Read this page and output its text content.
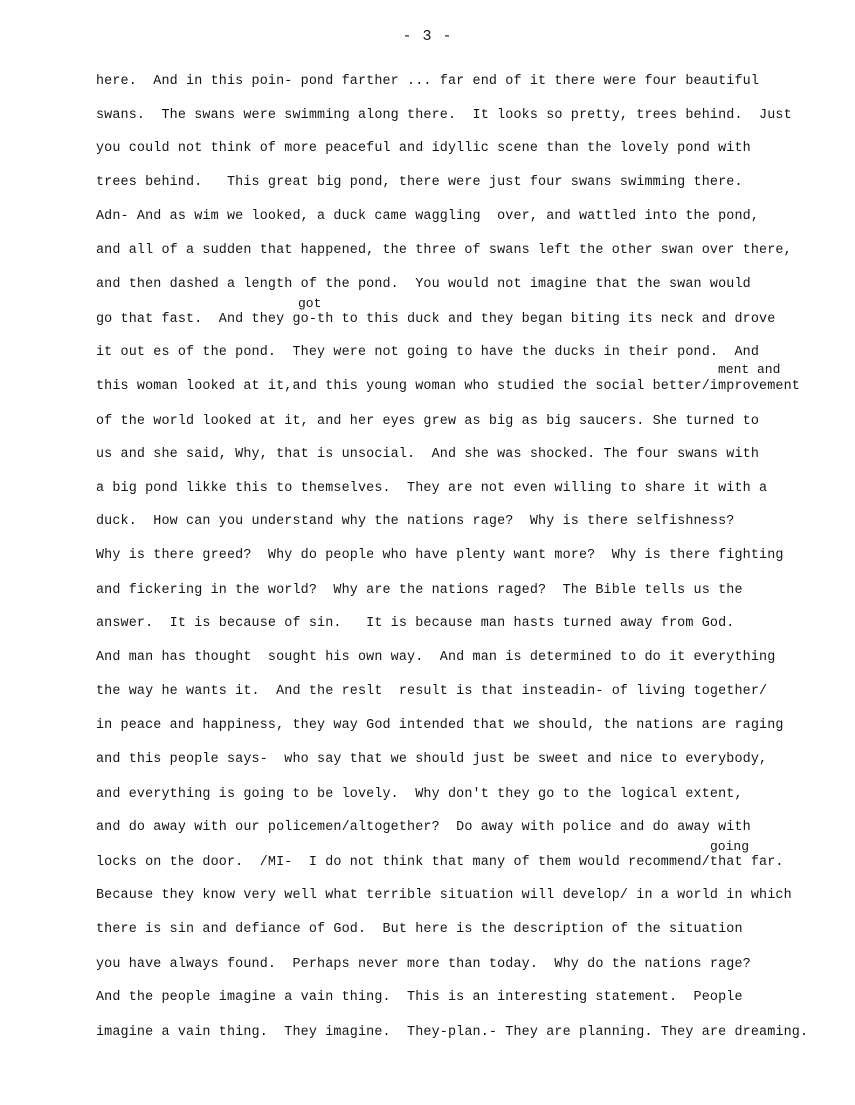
- 3 -
here.  And in this poin- pond farther ... far end of it there were four beautiful
swans.  The swans were swimming along there.  It looks so pretty, trees behind.  Just
you could not think of more peaceful and idyllic scene than the lovely pond with
trees behind.   This great big pond, there were just four swans swimming there.
Adn- And as wim we looked, a duck came waggling  over, and wattled into the pond,
and all of a sudden that happened, the three of swans left the other swan over there,
and then dashed a length of the pond.  You would not imagine that the swan would
got
go that fast.  And they go-th to this duck and they began biting its neck and drove
it out es of the pond.  They were not going to have the ducks in their pond.  And
ment and
this woman looked at it,and this young woman who studied the social better/improvement
of the world looked at it, and her eyes grew as big as big saucers. She turned to
us and she said, Why, that is unsocial.  And she was shocked. The four swans with
a big pond likke this to themselves.  They are not even willing to share it with a
duck.  How can you understand why the nations rage?  Why is there selfishness?
Why is there greed?  Why do people who have plenty want more?  Why is there fighting
and fickering in the world?  Why are the nations raged?  The Bible tells us the
answer.  It is because of sin.   It is because man hasts turned away from God.
And man has thought  sought his own way.  And man is determined to do it everything
the way he wants it.  And the reslt  result is that insteadin- of living together/
in peace and happiness, they way God intended that we should, the nations are raging
and this people says-  who say that we should just be sweet and nice to everybody,
and everything is going to be lovely.  Why don't they go to the logical extent,
and do away with our policemen/altogether?  Do away with police and do away with
going
locks on the door.  /MI-  I do not think that many of them would recommend/that far.
Because they know very well what terrible situation will develop/ in a world in which
there is sin and defiance of God.  But here is the description of the situation
you have always found.  Perhaps never more than today.  Why do the nations rage?
And the people imagine a vain thing.  This is an interesting statement.  People
imagine a vain thing.  They imagine.  They-plan.- They are planning. They are dreaming.
